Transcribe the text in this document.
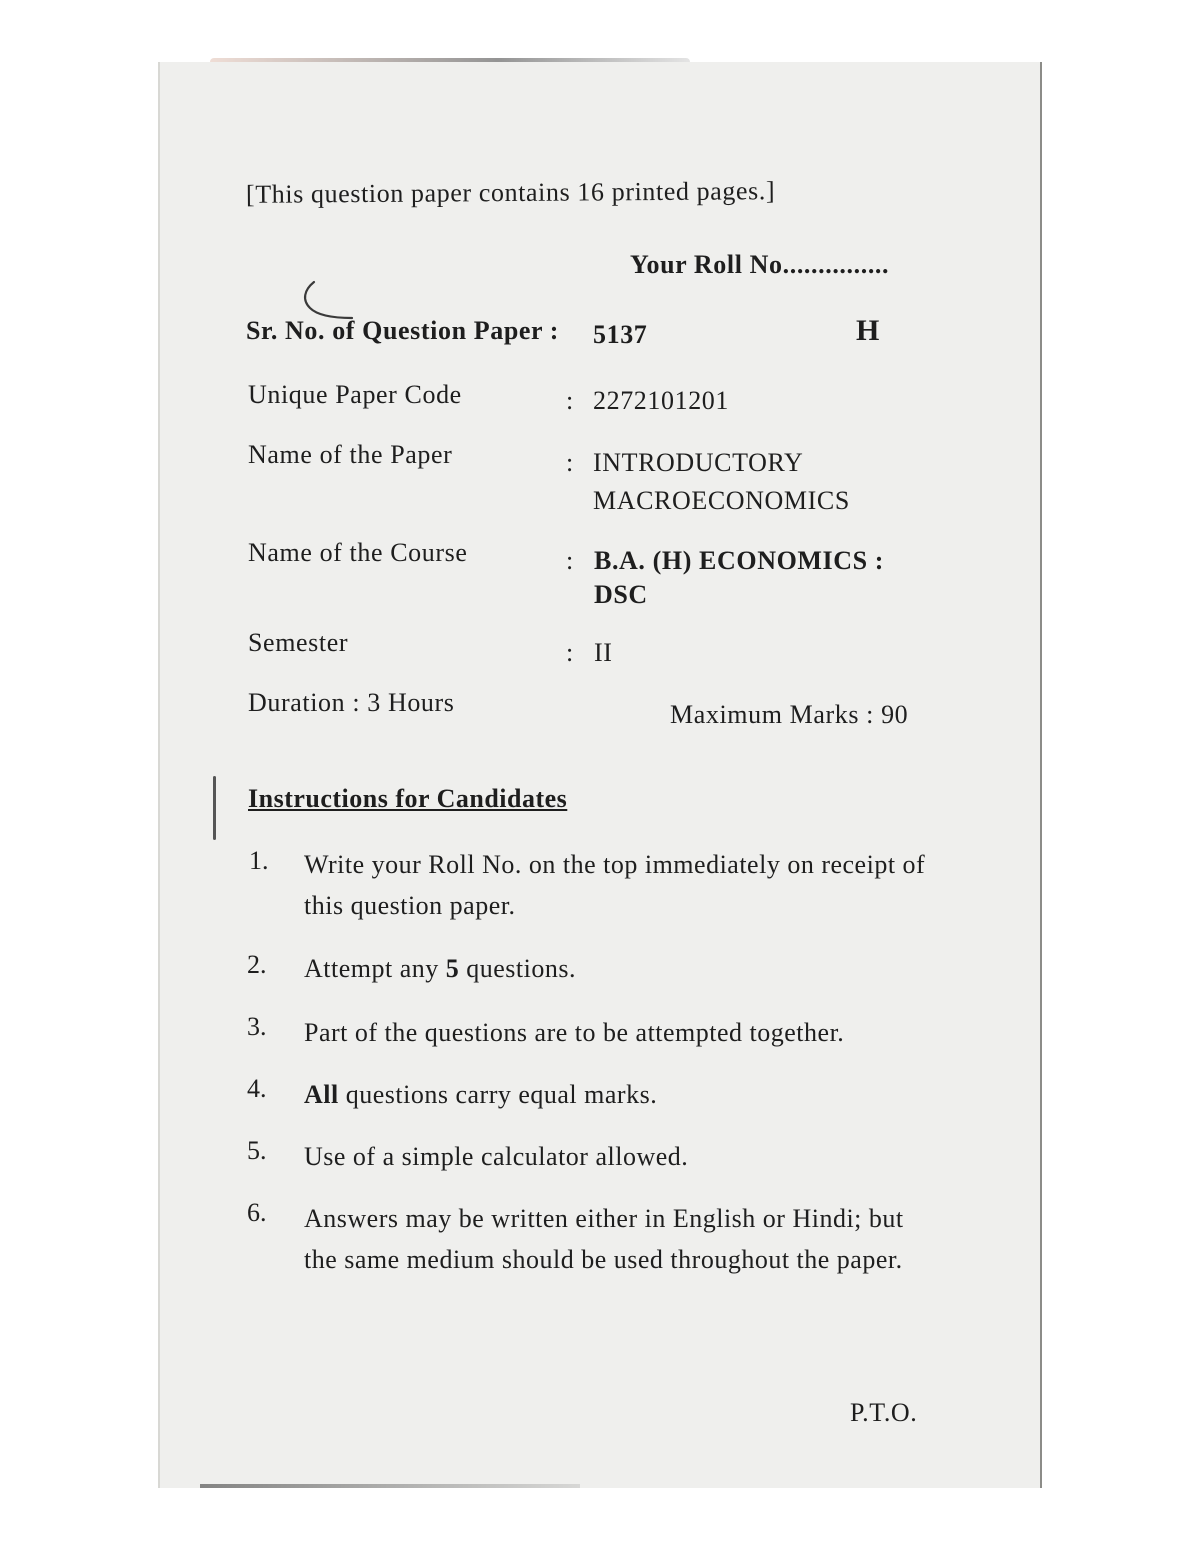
[This question paper contains 16 printed pages.]
Your Roll No...............
Sr. No. of Question Paper : 5137	H
Unique Paper Code	: 2272101201
Name of the Paper	: INTRODUCTORY
MACROECONOMICS
Name of the Course	: B.A. (H) ECONOMICS :
DSC
Semester	: II
Duration : 3 Hours	Maximum Marks : 90
Instructions for Candidates
1. Write your Roll No. on the top immediately on receipt of this question paper.
2. Attempt any 5 questions.
3. Part of the questions are to be attempted together.
4. All questions carry equal marks.
5. Use of a simple calculator allowed.
6. Answers may be written either in English or Hindi; but the same medium should be used throughout the paper.
P.T.O.
